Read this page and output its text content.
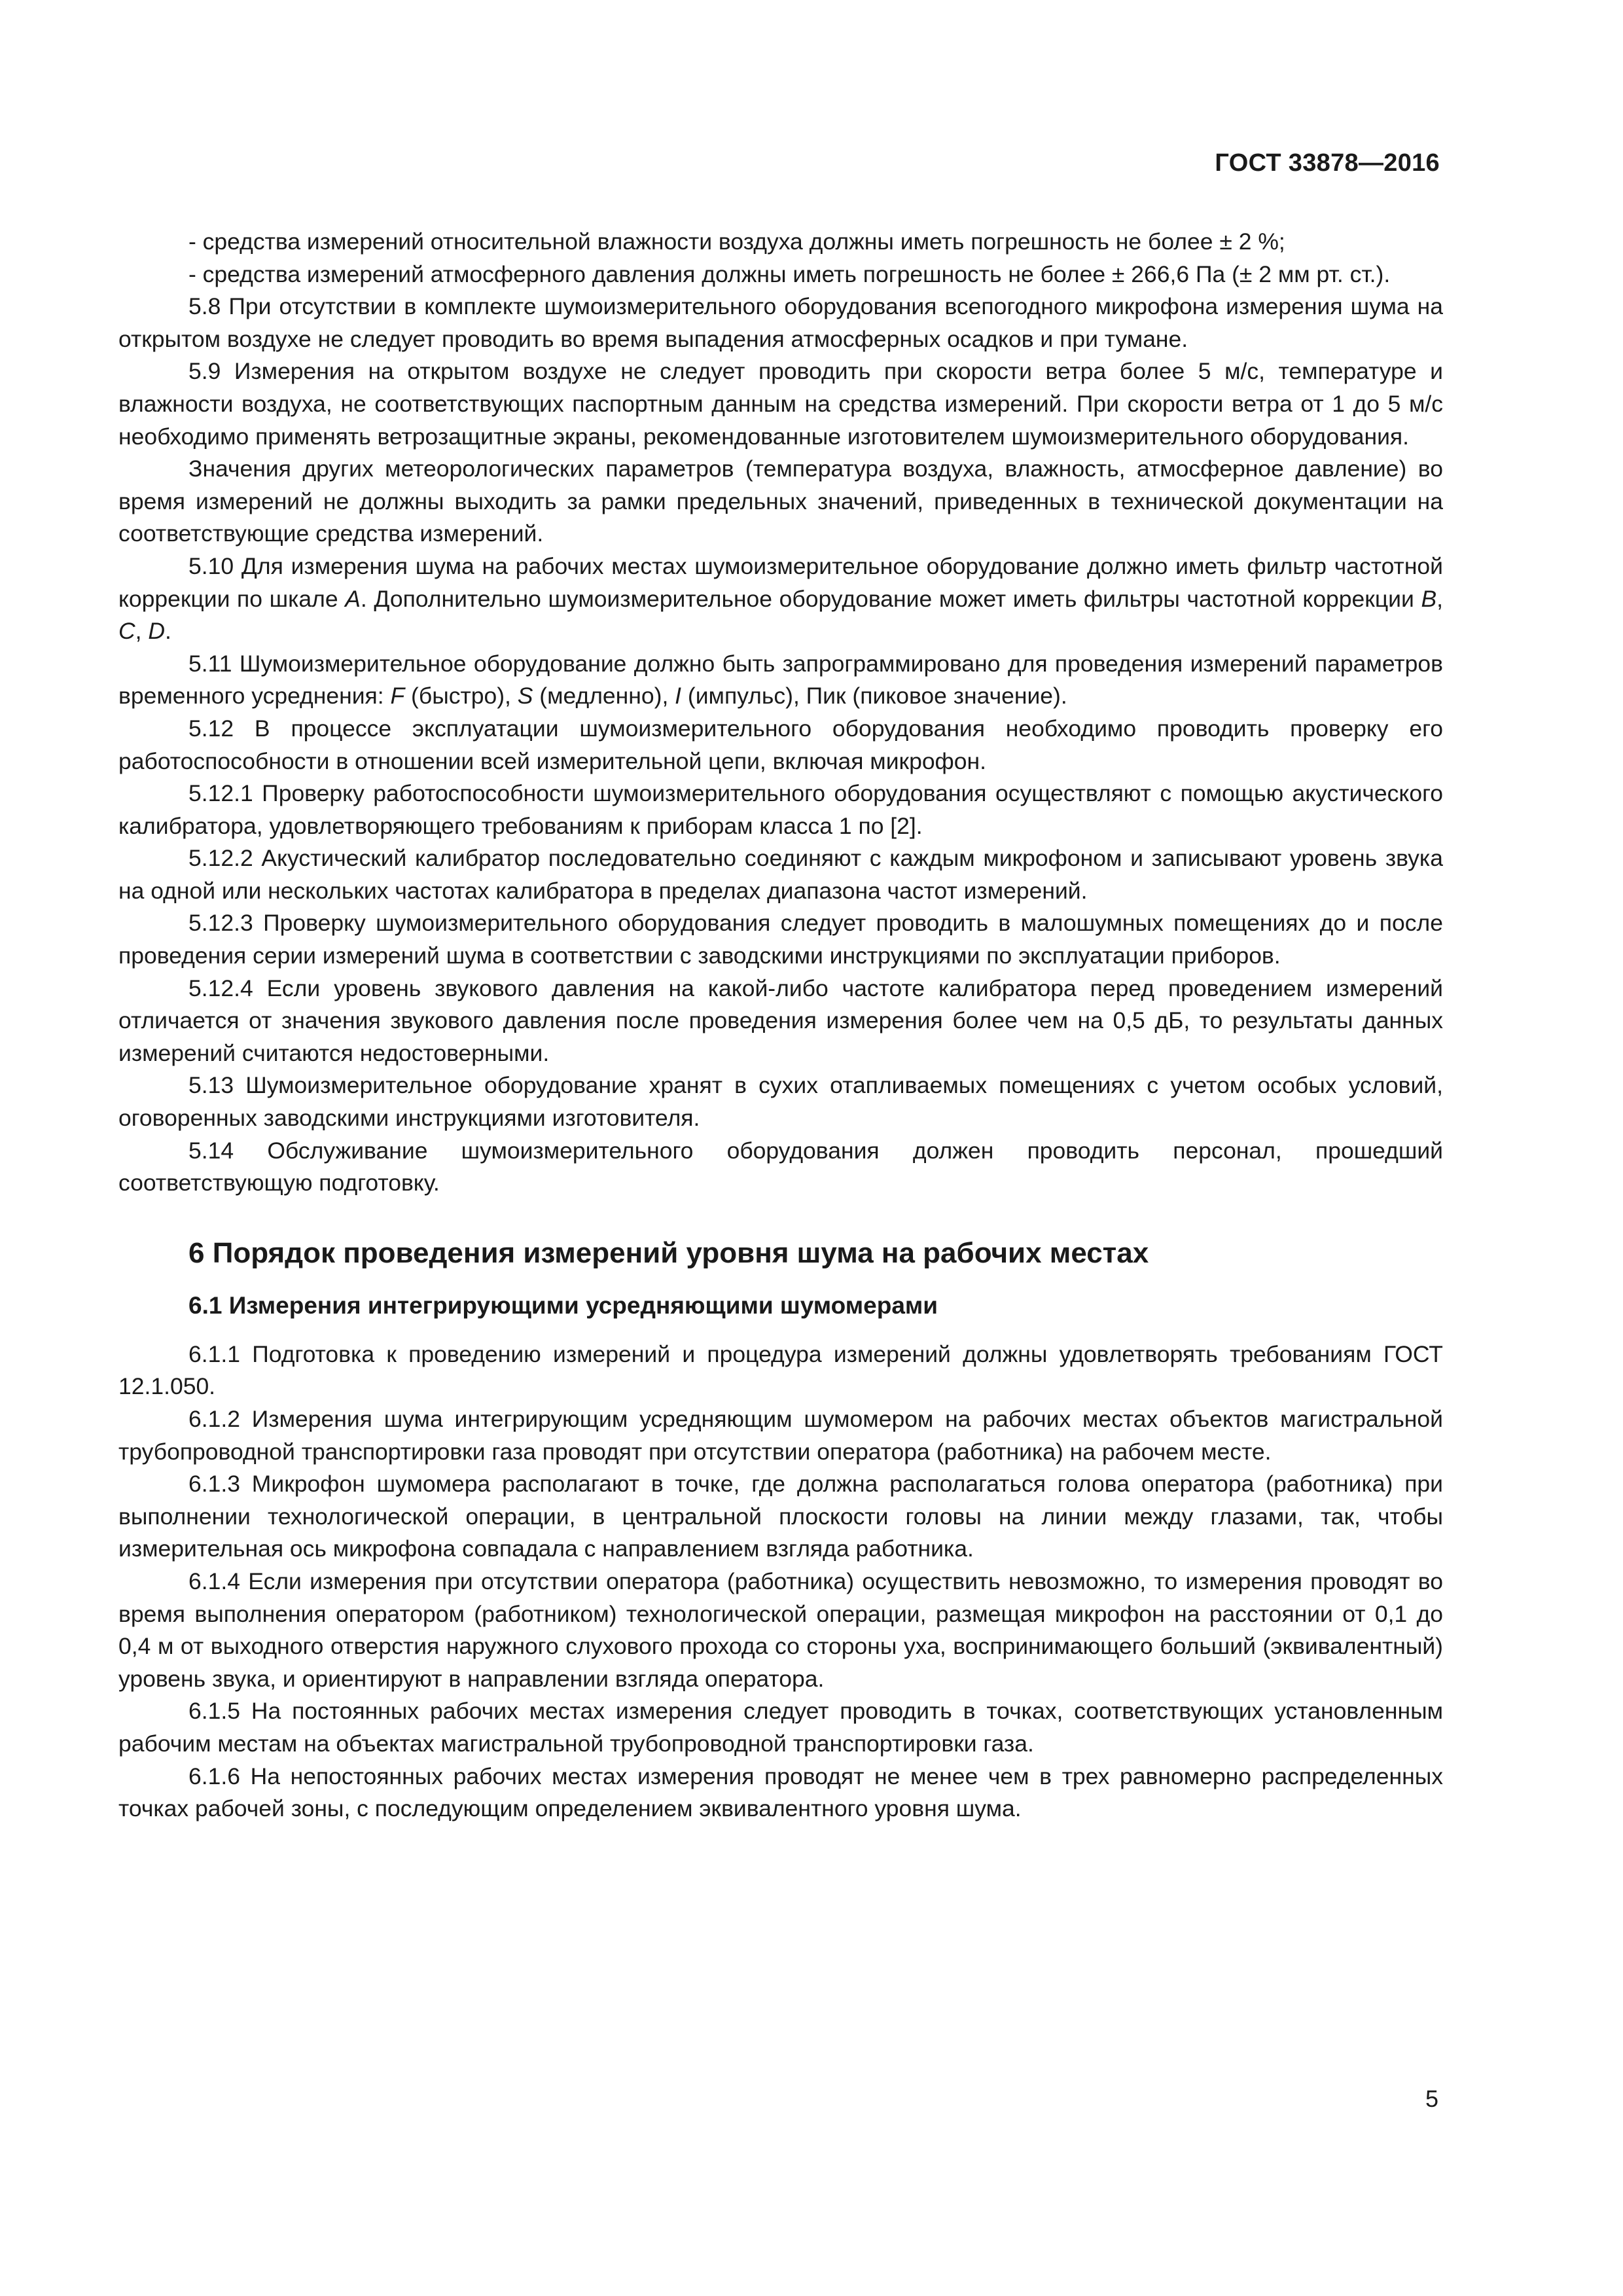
ГОСТ 33878—2016

- средства измерений относительной влажности воздуха должны иметь погрешность не более ± 2 %;

- средства измерений атмосферного давления должны иметь погрешность не более ± 266,6 Па (± 2 мм рт. ст.).

5.8 При отсутствии в комплекте шумоизмерительного оборудования всепогодного микрофона измерения шума на открытом воздухе не следует проводить во время выпадения атмосферных осадков и при тумане.

5.9 Измерения на открытом воздухе не следует проводить при скорости ветра более 5 м/с, температуре и влажности воздуха, не соответствующих паспортным данным на средства измерений. При скорости ветра от 1 до 5 м/с необходимо применять ветрозащитные экраны, рекомендованные изготовителем шумоизмерительного оборудования.

Значения других метеорологических параметров (температура воздуха, влажность, атмосферное давление) во время измерений не должны выходить за рамки предельных значений, приведенных в технической документации на соответствующие средства измерений.

5.10 Для измерения шума на рабочих местах шумоизмерительное оборудование должно иметь фильтр частотной коррекции по шкале A. Дополнительно шумоизмерительное оборудование может иметь фильтры частотной коррекции B, C, D.

5.11 Шумоизмерительное оборудование должно быть запрограммировано для проведения измерений параметров временного усреднения: F (быстро), S (медленно), I (импульс), Пик (пиковое значение).

5.12 В процессе эксплуатации шумоизмерительного оборудования необходимо проводить проверку его работоспособности в отношении всей измерительной цепи, включая микрофон.

5.12.1 Проверку работоспособности шумоизмерительного оборудования осуществляют с помощью акустического калибратора, удовлетворяющего требованиям к приборам класса 1 по [2].

5.12.2 Акустический калибратор последовательно соединяют с каждым микрофоном и записывают уровень звука на одной или нескольких частотах калибратора в пределах диапазона частот измерений.

5.12.3 Проверку шумоизмерительного оборудования следует проводить в малошумных помещениях до и после проведения серии измерений шума в соответствии с заводскими инструкциями по эксплуатации приборов.

5.12.4 Если уровень звукового давления на какой-либо частоте калибратора перед проведением измерений отличается от значения звукового давления после проведения измерения более чем на 0,5 дБ, то результаты данных измерений считаются недостоверными.

5.13 Шумоизмерительное оборудование хранят в сухих отапливаемых помещениях с учетом особых условий, оговоренных заводскими инструкциями изготовителя.

5.14 Обслуживание шумоизмерительного оборудования должен проводить персонал, прошедший соответствующую подготовку.

6 Порядок проведения измерений уровня шума на рабочих местах
6.1 Измерения интегрирующими усредняющими шумомерами

6.1.1 Подготовка к проведению измерений и процедура измерений должны удовлетворять требованиям ГОСТ 12.1.050.

6.1.2 Измерения шума интегрирующим усредняющим шумомером на рабочих местах объектов магистральной трубопроводной транспортировки газа проводят при отсутствии оператора (работника) на рабочем месте.

6.1.3 Микрофон шумомера располагают в точке, где должна располагаться голова оператора (работника) при выполнении технологической операции, в центральной плоскости головы на линии между глазами, так, чтобы измерительная ось микрофона совпадала с направлением взгляда работника.

6.1.4 Если измерения при отсутствии оператора (работника) осуществить невозможно, то измерения проводят во время выполнения оператором (работником) технологической операции, размещая микрофон на расстоянии от 0,1 до 0,4 м от выходного отверстия наружного слухового прохода со стороны уха, воспринимающего больший (эквивалентный) уровень звука, и ориентируют в направлении взгляда оператора.

6.1.5 На постоянных рабочих местах измерения следует проводить в точках, соответствующих установленным рабочим местам на объектах магистральной трубопроводной транспортировки газа.

6.1.6 На непостоянных рабочих местах измерения проводят не менее чем в трех равномерно распределенных точках рабочей зоны, с последующим определением эквивалентного уровня шума.

5
